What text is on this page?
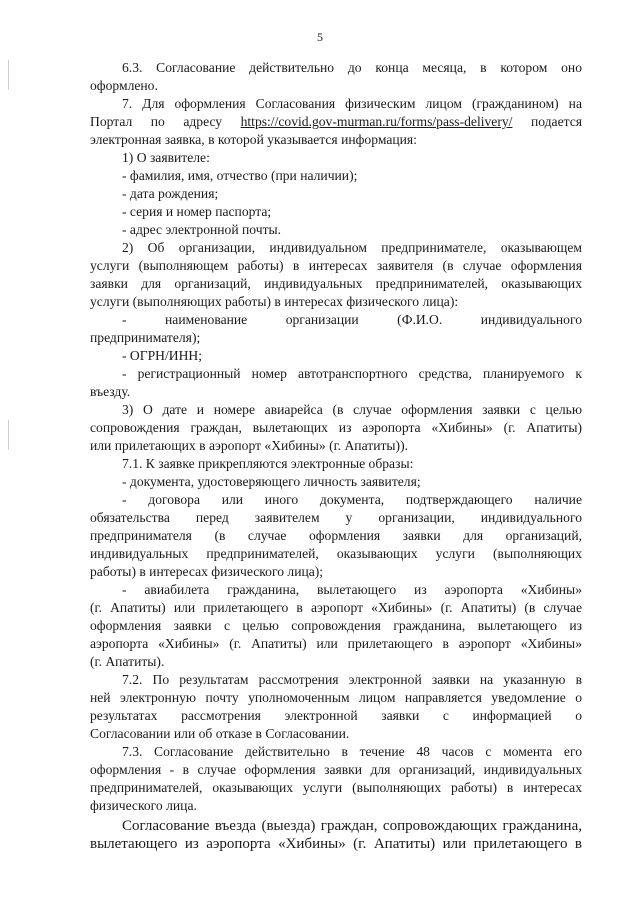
5
6.3. Согласование действительно до конца месяца, в котором оно
оформлено.
7. Для оформления Согласования физическим лицом (гражданином) на
Портал по адресу https://covid.gov-murman.ru/forms/pass-delivery/ подается
электронная заявка, в которой указывается информация:
1) О заявителе:
- фамилия, имя, отчество (при наличии);
- дата рождения;
- серия и номер паспорта;
- адрес электронной почты.
2) Об организации, индивидуальном предпринимателе, оказывающем
услуги (выполняющем работы) в интересах заявителя (в случае оформления
заявки для организаций, индивидуальных предпринимателей, оказывающих
услуги (выполняющих работы) в интересах физического лица):
- наименование организации (Ф.И.О. индивидуального
предпринимателя);
- ОГРН/ИНН;
- регистрационный номер автотранспортного средства, планируемого к
въезду.
3) О дате и номере авиарейса (в случае оформления заявки с целью
сопровождения граждан, вылетающих из аэропорта «Хибины» (г. Апатиты)
или прилетающих в аэропорт «Хибины» (г. Апатиты)).
7.1. К заявке прикрепляются электронные образы:
- документа, удостоверяющего личность заявителя;
- договора или иного документа, подтверждающего наличие
обязательства перед заявителем у организации, индивидуального
предпринимателя (в случае оформления заявки для организаций,
индивидуальных предпринимателей, оказывающих услуги (выполняющих
работы) в интересах физического лица);
- авиабилета гражданина, вылетающего из аэропорта «Хибины»
(г. Апатиты) или прилетающего в аэропорт «Хибины» (г. Апатиты) (в случае
оформления заявки с целью сопровождения гражданина, вылетающего из
аэропорта «Хибины» (г. Апатиты) или прилетающего в аэропорт «Хибины»
(г. Апатиты).
7.2. По результатам рассмотрения электронной заявки на указанную в
ней электронную почту уполномоченным лицом направляется уведомление о
результатах рассмотрения электронной заявки с информацией о
Согласовании или об отказе в Согласовании.
7.3. Согласование действительно в течение 48 часов с момента его
оформления - в случае оформления заявки для организаций, индивидуальных
предпринимателей, оказывающих услуги (выполняющих работы) в интересах
физического лица.
Согласование въезда (выезда) граждан, сопровождающих гражданина,
вылетающего из аэропорта «Хибины» (г. Апатиты) или прилетающего в
